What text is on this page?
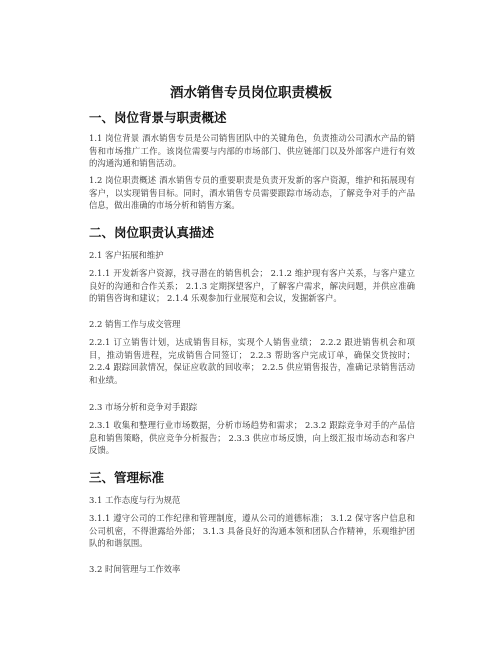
酒水销售专员岗位职责模板
一、岗位背景与职责概述

1.1 岗位背景 酒水销售专员是公司销售团队中的关键角色，负责推动公司酒水产品的销售和市场推广工作。该岗位需要与内部的市场部门、供应链部门以及外部客户进行有效的沟通沟通和销售活动。

1.2 岗位职责概述 酒水销售专员的重要职责是负责开发新的客户资源，维护和拓展现有客户，以实现销售目标。同时，酒水销售专员需要跟踪市场动态，了解竞争对手的产品信息，做出准确的市场分析和销售方案。

二、岗位职责认真描述

2.1 客户拓展和维护

2.1.1 开发新客户资源，找寻潜在的销售机会； 2.1.2 维护现有客户关系，与客户建立良好的沟通和合作关系； 2.1.3 定期探望客户，了解客户需求，解决问题，并供应准确的销售咨询和建议； 2.1.4 乐观参加行业展览和会议，发掘新客户。

2.2 销售工作与成交管理

2.2.1 订立销售计划，达成销售目标，实现个人销售业绩； 2.2.2 跟进销售机会和项目，推动销售进程，完成销售合同签订； 2.2.3 帮助客户完成订单，确保交货按时； 2.2.4 跟踪回款情况，保证应收款的回收率； 2.2.5 供应销售报告，准确记录销售活动和业绩。

2.3 市场分析和竞争对手跟踪

2.3.1 收集和整理行业市场数据，分析市场趋势和需求； 2.3.2 跟踪竞争对手的产品信息和销售策略，供应竞争分析报告； 2.3.3 供应市场反馈，向上级汇报市场动态和客户反馈。

三、管理标准

3.1 工作态度与行为规范

3.1.1 遵守公司的工作纪律和管理制度，遵从公司的道德标准； 3.1.2 保守客户信息和公司机密，不得泄露给外部； 3.1.3 具备良好的沟通本领和团队合作精神，乐观维护团队的和谐氛围。

3.2 时间管理与工作效率
